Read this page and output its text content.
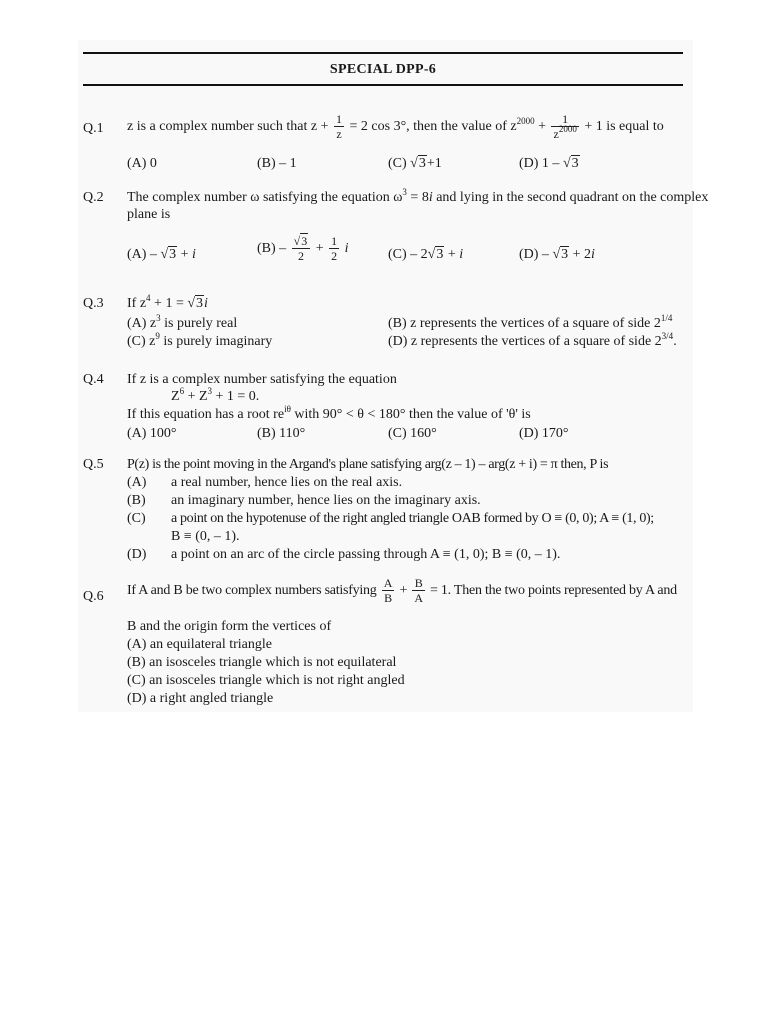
SPECIAL DPP-6
Q.1 z is a complex number such that $z + \frac{1}{z} = 2$ cos 3°, then the value of $z^{2000} + \frac{1}{z^{2000}} + 1$ is equal to
(A) 0	(B) – 1	(C) √3+1	(D) 1 – √3
Q.2 The complex number ω satisfying the equation $\omega^3 = 8i$ and lying in the second quadrant on the complex
plane is
(A) – √3 + i	$(B) - \frac{√3}{2} + \frac{1}{2}$ i	(C) – 2√3 + i	(D) – √3 + 2i
Q.3 If $z^4 + 1 = √3i$
(A) $z^3$ is purely real	(B) z represents the vertices of a square of side $2^{1/4}$
(C) $z^9$ is purely imaginary	(D) z represents the vertices of a square of side $2^{3/4}$.
Q.4 If z is a complex number satisfying the equation
$Z^6 + Z^3 + 1 = 0$.
If this equation has a root $re^{i\theta}$ with 90° < θ < 180° then the value of 'θ' is
(A) 100°	(B) 110°	(C) 160°	(D) 170°
Q.5 P(z) is the point moving in the Argand's plane satisfying arg(z – 1) – arg(z + i) = π then, P is
(A) a real number, hence lies on the real axis.
(B) an imaginary number, hence lies on the imaginary axis.
(C) a point on the hypotenuse of the right angled triangle OAB formed by O ≡ (0, 0); A ≡ (1, 0);
B ≡ (0, – 1).
(D) a point on an arc of the circle passing through A ≡ (1, 0); B ≡ (0, – 1).
Q.6 If A and B be two complex numbers satisfying $\frac{A}{B} + \frac{B}{A} = 1$. Then the two points represented by A and
B and the origin form the vertices of
(A) an equilateral triangle
(B) an isosceles triangle which is not equilateral
(C) an isosceles triangle which is not right angled
(D) a right angled triangle
